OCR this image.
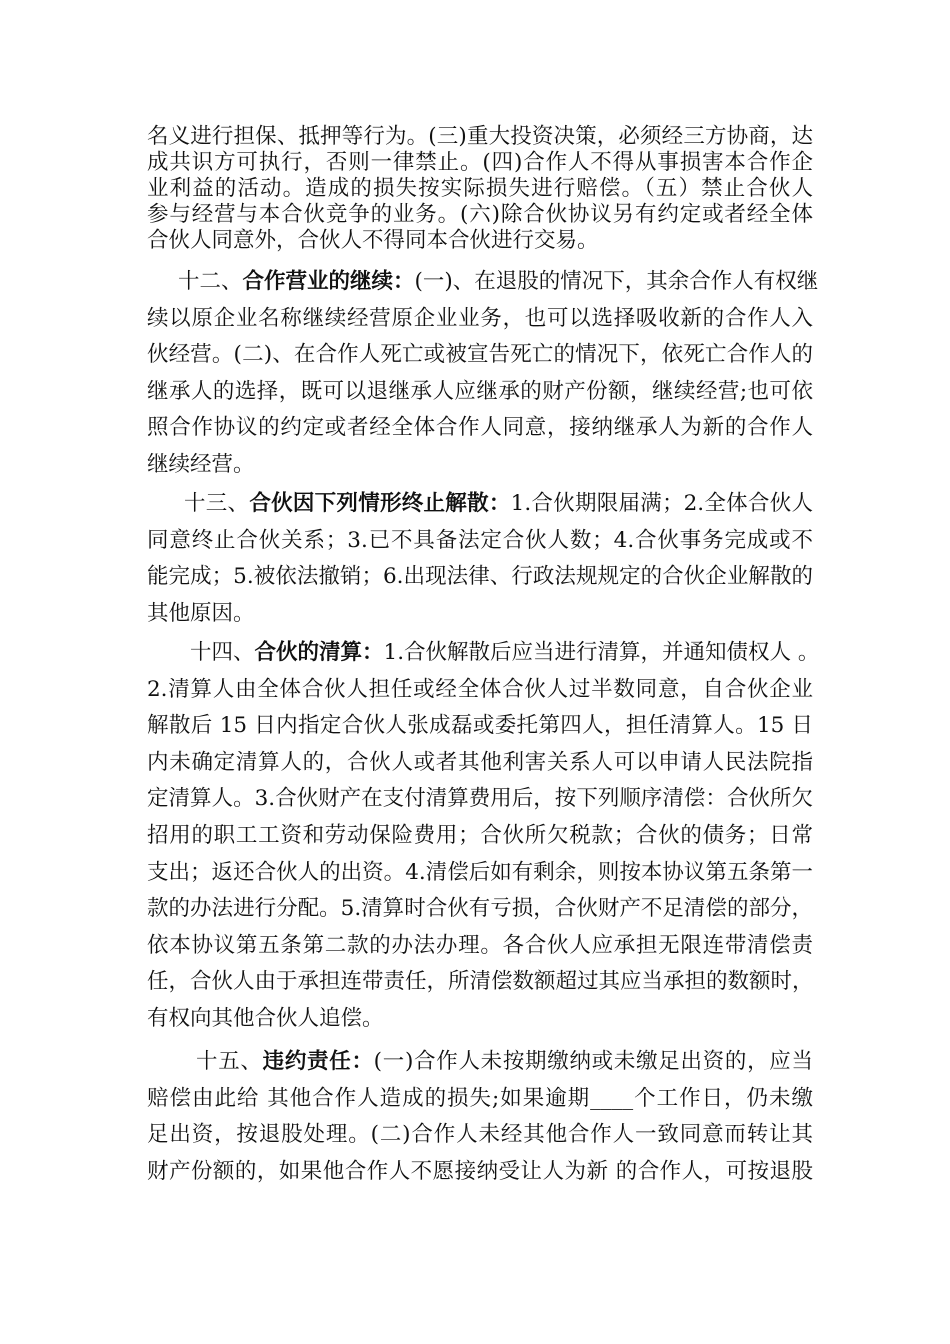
名义进行担保、抵押等行为。(三)重大投资决策，必须经三方协商，达
成共识方可执行，否则一律禁止。(四)合作人不得从事损害本合作企
业利益的活动。造成的损失按实际损失进行赔偿。（五）禁止合伙人
参与经营与本合伙竞争的业务。(六)除合伙协议另有约定或者经全体
合伙人同意外，合伙人不得同本合伙进行交易。
十二、合作营业的继续：(一)、在退股的情况下，其余合作人有权继
续以原企业名称继续经营原企业业务，也可以选择吸收新的合作人入
伙经营。(二)、在合作人死亡或被宣告死亡的情况下，依死亡合作人的
继承人的选择，既可以退继承人应继承的财产份额，继续经营;也可依
照合作协议的约定或者经全体合作人同意，接纳继承人为新的合作人
继续经营。
十三、合伙因下列情形终止解散：1.合伙期限届满；2.全体合伙人
同意终止合伙关系；3.已不具备法定合伙人数；4.合伙事务完成或不
能完成；5.被依法撤销；6.出现法律、行政法规规定的合伙企业解散的
其他原因。
十四、合伙的清算：1.合伙解散后应当进行清算，并通知债权人 。
2.清算人由全体合伙人担任或经全体合伙人过半数同意，自合伙企业
解散后 15 日内指定合伙人张成磊或委托第四人，担任清算人。15 日
内未确定清算人的，合伙人或者其他利害关系人可以申请人民法院指
定清算人。3.合伙财产在支付清算费用后，按下列顺序清偿：合伙所欠
招用的职工工资和劳动保险费用；合伙所欠税款；合伙的债务；日常
支出；返还合伙人的出资。4.清偿后如有剩余，则按本协议第五条第一
款的办法进行分配。5.清算时合伙有亏损，合伙财产不足清偿的部分，
依本协议第五条第二款的办法办理。各合伙人应承担无限连带清偿责
任，合伙人由于承担连带责任，所清偿数额超过其应当承担的数额时，
有权向其他合伙人追偿。
十五、违约责任：(一)合作人未按期缴纳或未缴足出资的，应当
赔偿由此给 其他合作人造成的损失;如果逾期____个工作日，仍未缴
足出资，按退股处理。(二)合作人未经其他合作人一致同意而转让其
财产份额的，如果他合作人不愿接纳受让人为新 的合作人，可按退股
